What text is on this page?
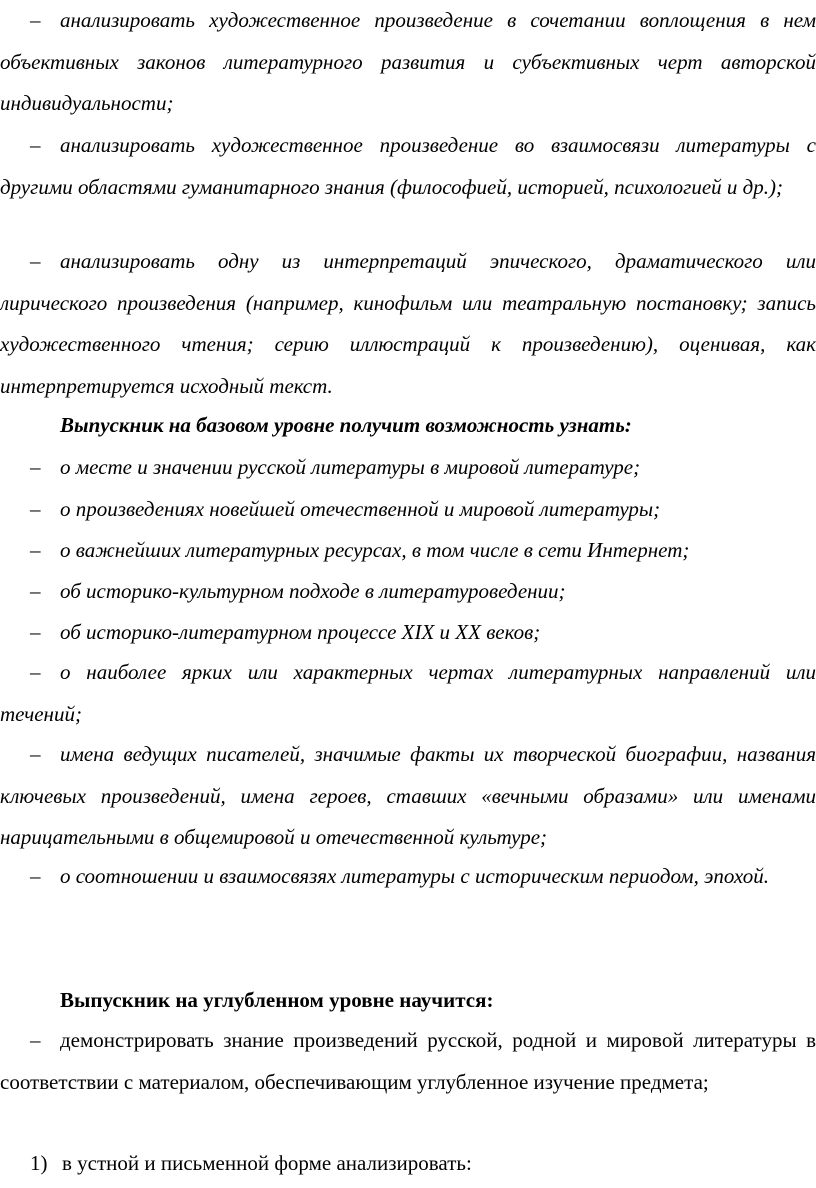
– анализировать художественное произведение в сочетании воплощения в нем объективных законов литературного развития и субъективных черт авторской индивидуальности;

– анализировать художественное произведение во взаимосвязи литературы с другими областями гуманитарного знания (философией, историей, психологией и др.);

– анализировать одну из интерпретаций эпического, драматического или лирического произведения (например, кинофильм или театральную постановку; запись художественного чтения; серию иллюстраций к произведению), оценивая, как интерпретируется исходный текст.

Выпускник на базовом уровне получит возможность узнать:

– о месте и значении русской литературы в мировой литературе;

– о произведениях новейшей отечественной и мировой литературы;

– о важнейших литературных ресурсах, в том числе в сети Интернет;

– об историко-культурном подходе в литературоведении;

– об историко-литературном процессе XIX и XX веков;

– о наиболее ярких или характерных чертах литературных направлений или течений;

– имена ведущих писателей, значимые факты их творческой биографии, названия ключевых произведений, имена героев, ставших «вечными образами» или именами нарицательными в общемировой и отечественной культуре;

– о соотношении и взаимосвязях литературы с историческим периодом, эпохой.

Выпускник на углубленном уровне научится:

– демонстрировать знание произведений русской, родной и мировой литературы в соответствии с материалом, обеспечивающим углубленное изучение предмета;

1) в устной и письменной форме анализировать:
